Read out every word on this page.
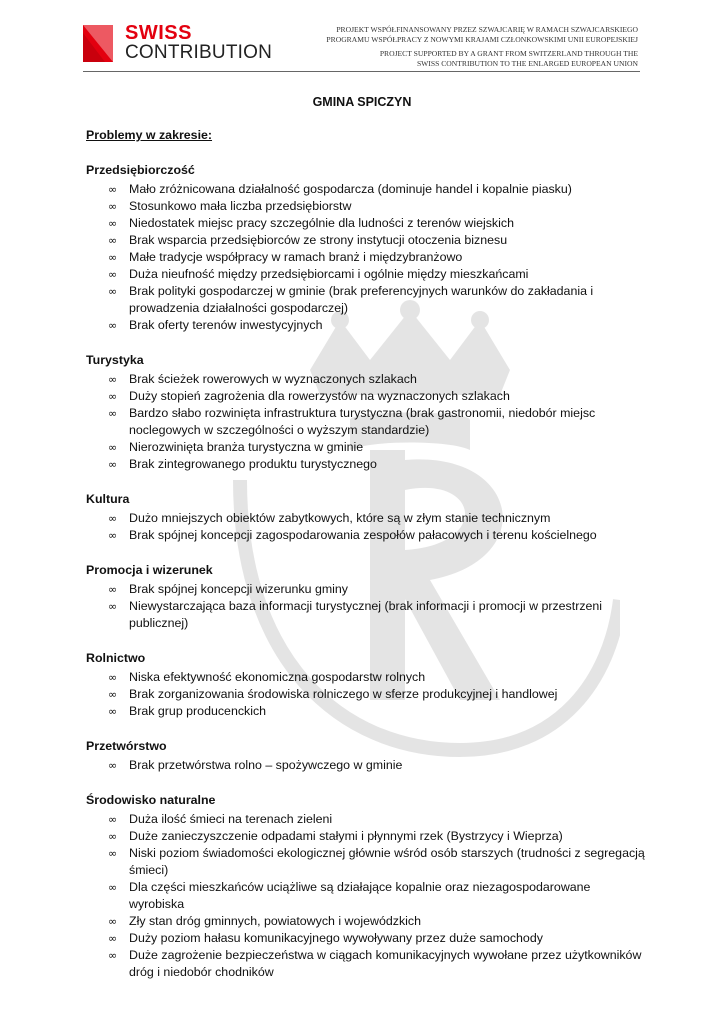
SWISS
CONTRIBUTION
PROJEKT WSPÓŁFINANSOWANY PRZEZ SZWAJCARIĘ W RAMACH SZWAJCARSKIEGO
PROGRAMU WSPÓŁPRACY Z NOWYMI KRAJAMI CZŁONKOWSKIMI UNII EUROPEJSKIEJ
PROJECT SUPPORTED BY A GRANT FROM SWITZERLAND THROUGH THE
SWISS CONTRIBUTION TO THE ENLARGED EUROPEAN UNION
GMINA SPICZYN

Problemy w zakresie:

Przedsiębiorczość

∞ Mało zróżnicowana działalność gospodarcza (dominuje handel i kopalnie piasku)
∞ Stosunkowo mała liczba przedsiębiorstw
∞ Niedostatek miejsc pracy szczególnie dla ludności z terenów wiejskich
∞ Brak wsparcia przedsiębiorców ze strony instytucji otoczenia biznesu
∞ Małe tradycje współpracy w ramach branż i międzybranżowo
∞ Duża nieufność między przedsiębiorcami i ogólnie między mieszkańcami
∞ Brak polityki gospodarczej w gminie (brak preferencyjnych warunków do zakładania i prowadzenia działalności gospodarczej)
∞ Brak oferty terenów inwestycyjnych

Turystyka

∞ Brak ścieżek rowerowych w wyznaczonych szlakach
∞ Duży stopień zagrożenia dla rowerzystów na wyznaczonych szlakach
∞ Bardzo słabo rozwinięta infrastruktura turystyczna (brak gastronomii, niedobór miejsc noclegowych w szczególności o wyższym standardzie)
∞ Nierozwinięta branża turystyczna w gminie
∞ Brak zintegrowanego produktu turystycznego

Kultura

∞ Dużo mniejszych obiektów zabytkowych, które są w złym stanie technicznym
∞ Brak spójnej koncepcji zagospodarowania zespołów pałacowych i terenu kościelnego

Promocja i wizerunek

∞ Brak spójnej koncepcji wizerunku gminy
∞ Niewystarczająca baza informacji turystycznej (brak informacji i promocji w przestrzeni publicznej)

Rolnictwo

∞ Niska efektywność ekonomiczna gospodarstw rolnych
∞ Brak zorganizowania środowiska rolniczego w sferze produkcyjnej i handlowej
∞ Brak grup producenckich

Przetwórstwo

∞ Brak przetwórstwa rolno – spożywczego w gminie

Środowisko naturalne

∞ Duża ilość śmieci na terenach zieleni
∞ Duże zanieczyszczenie odpadami stałymi i płynnymi rzek (Bystrzycy i Wieprza)
∞ Niski poziom świadomości ekologicznej głównie wśród osób starszych (trudności z segregacją śmieci)
∞ Dla części mieszkańców uciążliwe są działające kopalnie oraz niezagospodarowane wyrobiska
∞ Zły stan dróg gminnych, powiatowych i wojewódzkich
∞ Duży poziom hałasu komunikacyjnego wywoływany przez duże samochody
∞ Duże zagrożenie bezpieczeństwa w ciągach komunikacyjnych wywołane przez użytkowników dróg i niedobór chodników
